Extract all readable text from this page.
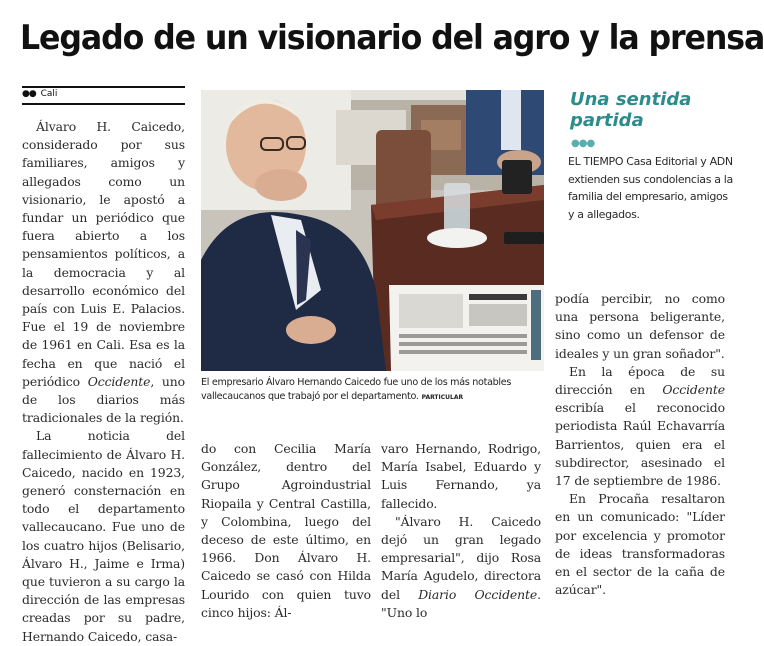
Legado de un visionario del agro y la prensa
●● Cali

Álvaro H. Caicedo, considerado por sus familiares, amigos y allegados como un visionario, le apostó a fundar un periódico que fuera abierto a los pensamientos políticos, a la democracia y al desarrollo económico del país con Luis E. Palacios. Fue el 19 de noviembre de 1961 en Cali. Esa es la fecha en que nació el periódico Occidente, uno de los diarios más tradicionales de la región.

La noticia del fallecimiento de Álvaro H. Caicedo, nacido en 1923, generó consternación en todo el departamento vallecaucano. Fue uno de los cuatro hijos (Belisario, Álvaro H., Jaime e Irma) que tuvieron a su cargo la dirección de las empresas creadas por su padre, Hernando Caicedo, casa-

El empresario Álvaro Hernando Caicedo fue uno de los más notables vallecaucanos que trabajó por el departamento. PARTICULAR
Una sentida partida
●●●
EL TIEMPO Casa Editorial y ADN extienden sus condolencias a la familia del empresario, amigos y a allegados.

do con Cecilia María González, dentro del Grupo Agroindustrial Riopaila y Central Castilla, y Colombina, luego del deceso de este último, en 1966. Don Álvaro H. Caicedo se casó con Hilda Lourido con quien tuvo cinco hijos: Ál-

varo Hernando, Rodrigo, María Isabel, Eduardo y Luis Fernando, ya fallecido.

"Álvaro H. Caicedo dejó un gran legado empresarial", dijo Rosa María Agudelo, directora del Diario Occidente. "Uno lo

podía percibir, no como una persona beligerante, sino como un defensor de ideales y un gran soñador".

En la época de su dirección en Occidente escribía el reconocido periodista Raúl Echavarría Barrientos, quien era el subdirector, asesinado el 17 de septiembre de 1986.

En Procaña resaltaron en un comunicado: "Líder por excelencia y promotor de ideas transformadoras en el sector de la caña de azúcar".
